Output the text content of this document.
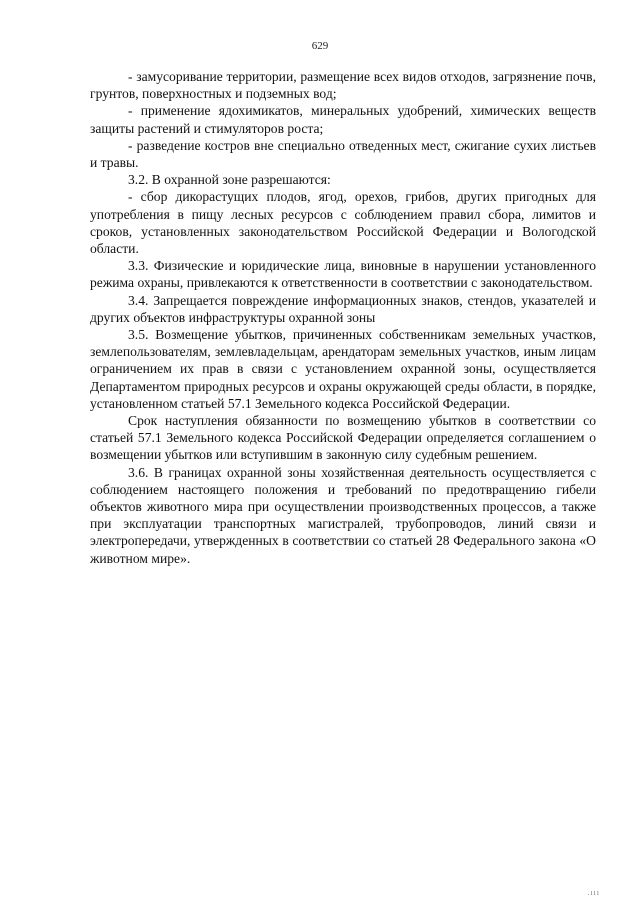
629

- замусоривание территории, размещение всех видов отходов, загрязнение почв, грунтов, поверхностных и подземных вод;

- применение ядохимикатов, минеральных удобрений, химических веществ защиты растений и стимуляторов роста;

- разведение костров вне специально отведенных мест, сжигание сухих листьев и травы.

3.2. В охранной зоне разрешаются:

- сбор дикорастущих плодов, ягод, орехов, грибов, других пригодных для употребления в пищу лесных ресурсов с соблюдением правил сбора, лимитов и сроков, установленных законодательством Российской Федерации и Вологодской области.

3.3. Физические и юридические лица, виновные в нарушении установленного режима охраны, привлекаются к ответственности в соответствии с законодательством.

3.4. Запрещается повреждение информационных знаков, стендов, указателей и других объектов инфраструктуры охранной зоны

3.5. Возмещение убытков, причиненных собственникам земельных участков, землепользователям, землевладельцам, арендаторам земельных участков, иным лицам ограничением их прав в связи с установлением охранной зоны, осуществляется Департаментом природных ресурсов и охраны окружающей среды области, в порядке, установленном статьей 57.1 Земельного кодекса Российской Федерации.

Срок наступления обязанности по возмещению убытков в соответствии со статьей 57.1 Земельного кодекса Российской Федерации определяется соглашением о возмещении убытков или вступившим в законную силу судебным решением.

3.6. В границах охранной зоны хозяйственная деятельность осуществляется с соблюдением настоящего положения и требований по предотвращению гибели объектов животного мира при осуществлении производственных процессов, а также при эксплуатации транспортных магистралей, трубопроводов, линий связи и электропередачи, утвержденных в соответствии со статьей 28 Федерального закона «О животном мире».

.ııı
